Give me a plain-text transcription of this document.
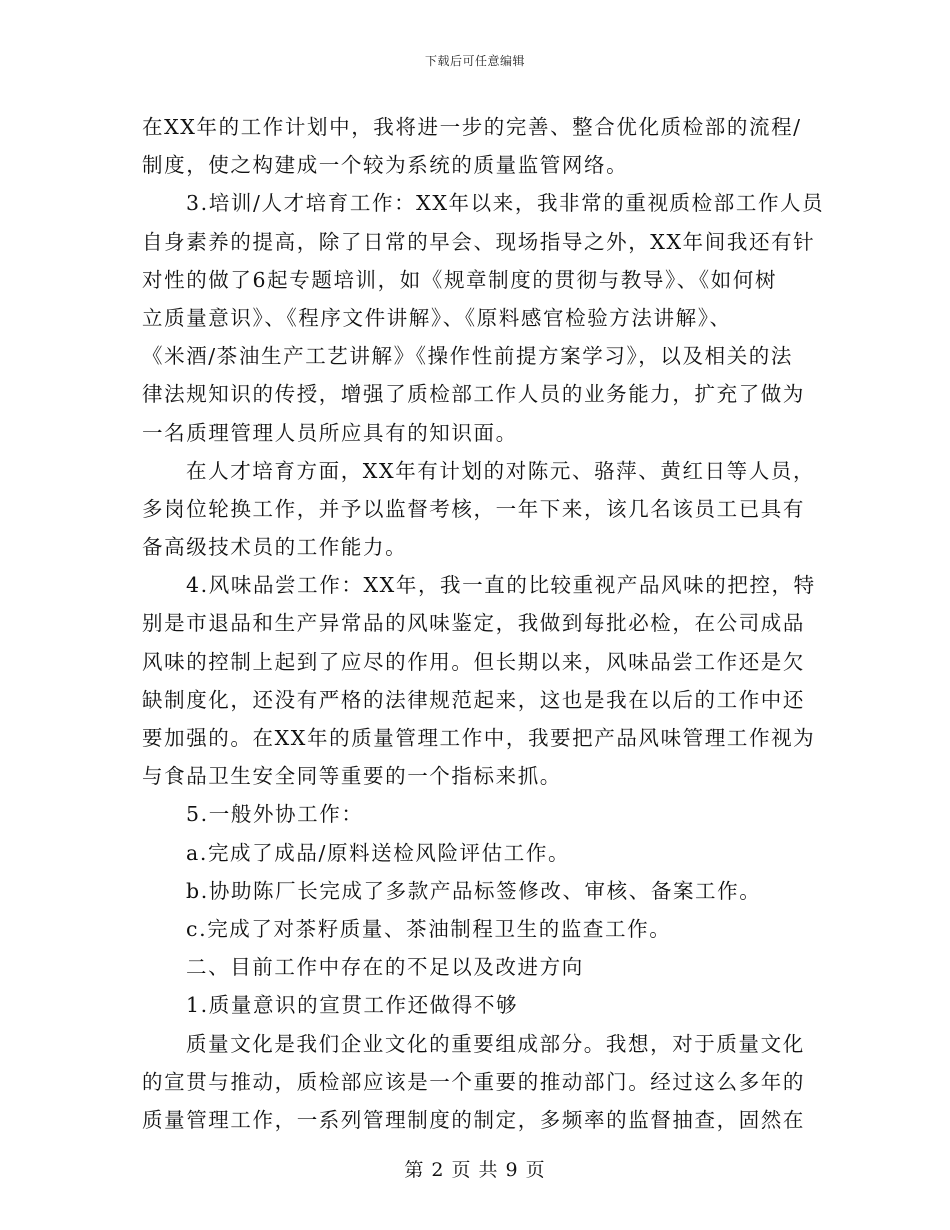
下载后可任意编辑
在XX年的工作计划中，我将进一步的完善、整合优化质检部的流程/
制度，使之构建成一个较为系统的质量监管网络。
3.培训/人才培育工作：XX年以来，我非常的重视质检部工作人员
自身素养的提高，除了日常的早会、现场指导之外，XX年间我还有针
对性的做了6起专题培训，如《规章制度的贯彻与教导》、《如何树
立质量意识》、《程序文件讲解》、《原料感官检验方法讲解》、
《米酒/茶油生产工艺讲解》《操作性前提方案学习》，以及相关的法
律法规知识的传授，增强了质检部工作人员的业务能力，扩充了做为
一名质理管理人员所应具有的知识面。
在人才培育方面，XX年有计划的对陈元、骆萍、黄红日等人员，
多岗位轮换工作，并予以监督考核，一年下来，该几名该员工已具有
备高级技术员的工作能力。
4.风味品尝工作：XX年，我一直的比较重视产品风味的把控，特
别是市退品和生产异常品的风味鉴定，我做到每批必检，在公司成品
风味的控制上起到了应尽的作用。但长期以来，风味品尝工作还是欠
缺制度化，还没有严格的法律规范起来，这也是我在以后的工作中还
要加强的。在XX年的质量管理工作中，我要把产品风味管理工作视为
与食品卫生安全同等重要的一个指标来抓。
5.一般外协工作：
a.完成了成品/原料送检风险评估工作。
b.协助陈厂长完成了多款产品标签修改、审核、备案工作。
c.完成了对茶籽质量、茶油制程卫生的监查工作。
二、目前工作中存在的不足以及改进方向
1.质量意识的宣贯工作还做得不够
质量文化是我们企业文化的重要组成部分。我想，对于质量文化
的宣贯与推动，质检部应该是一个重要的推动部门。经过这么多年的
质量管理工作，一系列管理制度的制定，多频率的监督抽查，固然在
第 2 页 共 9 页
